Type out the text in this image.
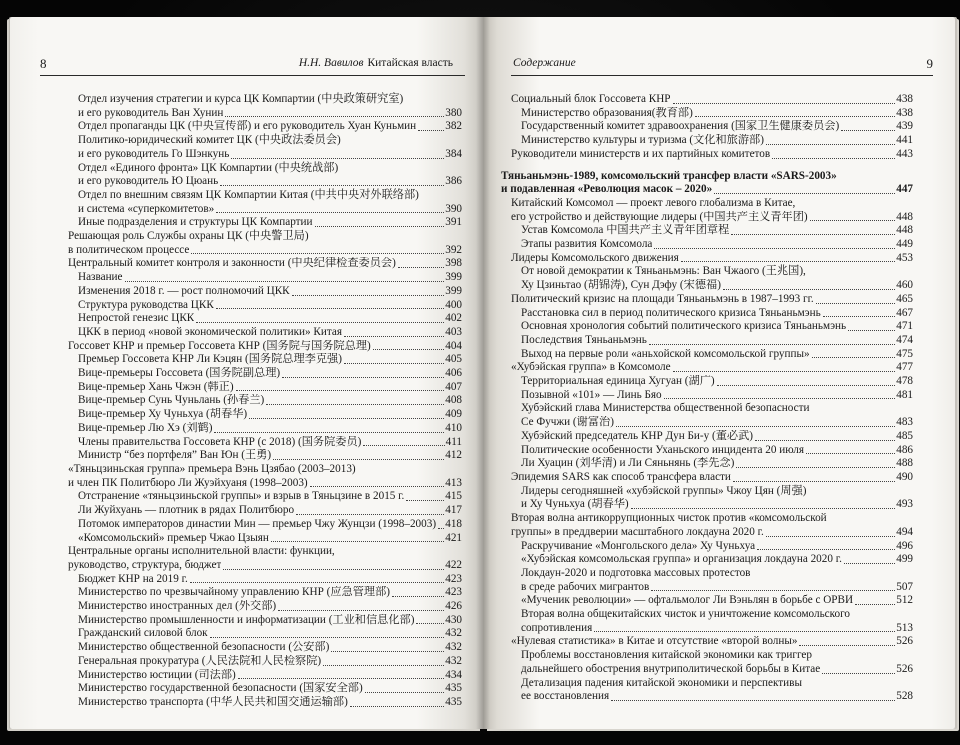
8	Н.Н. Вавилов Китайская власть
Отдел изучения стратегии и курса ЦК Компартии (中央政策研究室)
и его руководитель Ван Хунин	380
Отдел пропаганды ЦК (中央宣传部) и его руководитель Хуан Куньмин	382
Политико-юридический комитет ЦК (中央政法委员会)
и его руководитель Го Шэнкунь	384
Отдел «Единого фронта» ЦК Компартии (中央统战部)
и его руководитель Ю Цюань	386
Отдел по внешним связям ЦК Компартии Китая (中共中央对外联络部)
и система «суперкомитетов»	390
Иные подразделения и структуры ЦК Компартии	391
Решающая роль Службы охраны ЦК (中央警卫局)
в политическом процессе	392
Центральный комитет контроля и законности (中央纪律检查委员会)	398
Название	399
Изменения 2018 г. — рост полномочий ЦКК	399
Структура руководства ЦКК	400
Непростой генезис ЦКК	402
ЦКК в период «новой экономической политики» Китая	403
Госсовет КНР и премьер Госсовета КНР (国务院与国务院总理)	404
Премьер Госсовета КНР Ли Кэцян (国务院总理李克强)	405
Вице-премьеры Госсовета (国务院副总理)	406
Вице-премьер Хань Чжэн (韩正)	407
Вице-премьер Сунь Чуньлань (孙春兰)	408
Вице-премьер Ху Чуньхуа (胡春华)	409
Вице-премьер Лю Хэ (刘鹤)	410
Члены правительства Госсовета КНР (с 2018) (国务院委员)	411
Министр “без портфеля” Ван Юн (王勇)	412
«Тяньцзиньская группа» премьера Вэнь Цзябао (2003–2013)
и член ПК Политбюро Ли Жуэйхуаня (1998–2003)	413
Отстранение «тяньцзиньской группы» и взрыв в Тяньцзине в 2015 г.	415
Ли Жуйхуань — плотник в рядах Политбюро	417
Потомок императоров династии Мин — премьер Чжу Жунцзи (1998–2003) 418
«Комсомольский» премьер Чжао Цзыян	421
Центральные органы исполнительной власти: функции,
руководство, структура, бюджет	422
Бюджет КНР на 2019 г.	423
Министерство по чрезвычайному управлению КНР (应急管理部)	423
Министерство иностранных дел (外交部)	426
Министерство промышленности и информатизации (工业和信息化部)	430
Гражданский силовой блок	432
Министерство общественной безопасности (公安部)	432
Генеральная прокуратура (人民法院和人民检察院)	432
Министерство юстиции (司法部)	434
Министерство государственной безопасности (国家安全部)	435
Министерство транспорта (中华人民共和国交通运输部)	435
Содержание	9
Социальный блок Госсовета КНР	438
Министерство образования(教育部)	438
Государственный комитет здравоохранения (国家卫生健康委员会)	439
Министерство культуры и туризма (文化和旅游部)	441
Руководители министерств и их партийных комитетов	443
Тяньаньмэнь-1989, комсомольский трансфер власти «SARS-2003»
и подавленная «Революция масок – 2020»	447
Китайский Комсомол — проект левого глобализма в Китае,
его устройство и действующие лидеры (中国共产主义青年团)	448
Устав Комсомола 中国共产主义青年团章程	448
Этапы развития Комсомола	449
Лидеры Комсомольского движения	453
От новой демократии к Тяньаньмэнь: Ван Чжаого (王兆国),
Ху Цзиньтао (胡锦涛), Сун Дэфу (宋德福)	460
Политический кризис на площади Тяньаньмэнь в 1987–1993 гг.	465
Расстановка сил в период политического кризиса Тяньаньмэнь	467
Основная хронология событий политического кризиса Тяньаньмэнь	471
Последствия Тяньаньмэнь	474
Выход на первые роли «аньхойской комсомольской группы»	475
«Хубэйская группа» в Комсомоле	477
Территориальная единица Хугуан (湖广)	478
Позывной «101» — Линь Бяо	481
Хубэйский глава Министерства общественной безопасности
Се Фучжи (谢富治)	483
Хубэйский председатель КНР Дун Би-у (董必武)	485
Политические особенности Уханьского инцидента 20 июля	486
Ли Хуацин (刘华清) и Ли Сяньнянь (李先念)	488
Эпидемия SARS как способ трансфера власти	490
Лидеры сегодняшней «хубэйской группы» Чжоу Цян (周强)
и Ху Чуньхуа (胡春华)	493
Вторая волна антикоррупционных чисток против «комсомольской
группы» в преддверии масштабного локдауна 2020 г.	494
Раскручивание «Монгольского дела» Ху Чуньхуа	496
«Хубэйская комсомольская группа» и организация локдауна 2020 г.	499
Локдаун-2020 и подготовка массовых протестов
в среде рабочих мигрантов	507
«Мученик революции» — офтальмолог Ли Вэньлян в борьбе с ОРВИ	512
Вторая волна общекитайских чисток и уничтожение комсомольского
сопротивления	513
«Нулевая статистика» в Китае и отсутствие «второй волны»	526
Проблемы восстановления китайской экономики как триггер
дальнейшего обострения внутриполитической борьбы в Китае	526
Детализация падения китайской экономики и перспективы
ее восстановления	528
